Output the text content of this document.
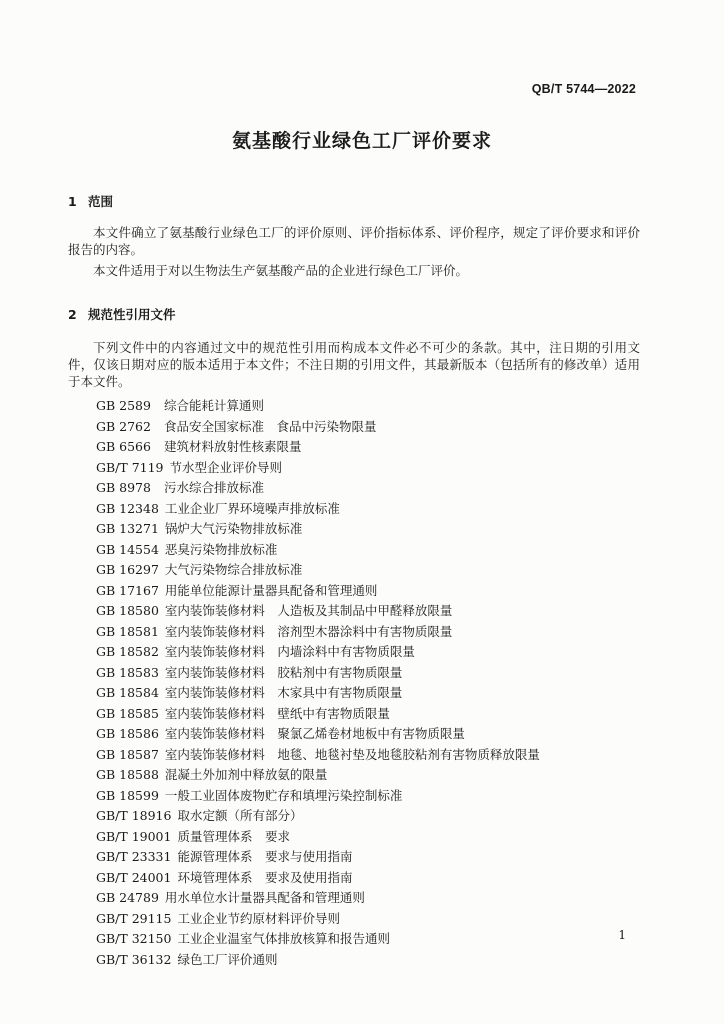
QB/T 5744—2022
氨基酸行业绿色工厂评价要求
1 范围

本文件确立了氨基酸行业绿色工厂的评价原则、评价指标体系、评价程序，规定了评价要求和评价报告的内容。

本文件适用于对以生物法生产氨基酸产品的企业进行绿色工厂评价。

2 规范性引用文件

下列文件中的内容通过文中的规范性引用而构成本文件必不可少的条款。其中，注日期的引用文件，仅该日期对应的版本适用于本文件；不注日期的引用文件，其最新版本（包括所有的修改单）适用于本文件。

GB 2589 综合能耗计算通则
GB 2762 食品安全国家标准　食品中污染物限量
GB 6566 建筑材料放射性核素限量
GB/T 7119 节水型企业评价导则
GB 8978 污水综合排放标准
GB 12348 工业企业厂界环境噪声排放标准
GB 13271 锅炉大气污染物排放标准
GB 14554 恶臭污染物排放标准
GB 16297 大气污染物综合排放标准
GB 17167 用能单位能源计量器具配备和管理通则
GB 18580 室内装饰装修材料　人造板及其制品中甲醛释放限量
GB 18581 室内装饰装修材料　溶剂型木器涂料中有害物质限量
GB 18582 室内装饰装修材料　内墙涂料中有害物质限量
GB 18583 室内装饰装修材料　胶粘剂中有害物质限量
GB 18584 室内装饰装修材料　木家具中有害物质限量
GB 18585 室内装饰装修材料　壁纸中有害物质限量
GB 18586 室内装饰装修材料　聚氯乙烯卷材地板中有害物质限量
GB 18587 室内装饰装修材料　地毯、地毯衬垫及地毯胶粘剂有害物质释放限量
GB 18588 混凝土外加剂中释放氨的限量
GB 18599 一般工业固体废物贮存和填埋污染控制标准
GB/T 18916 取水定额（所有部分）
GB/T 19001 质量管理体系　要求
GB/T 23331 能源管理体系　要求与使用指南
GB/T 24001 环境管理体系　要求及使用指南
GB 24789 用水单位水计量器具配备和管理通则
GB/T 29115 工业企业节约原材料评价导则
GB/T 32150 工业企业温室气体排放核算和报告通则
GB/T 36132 绿色工厂评价通则
1
